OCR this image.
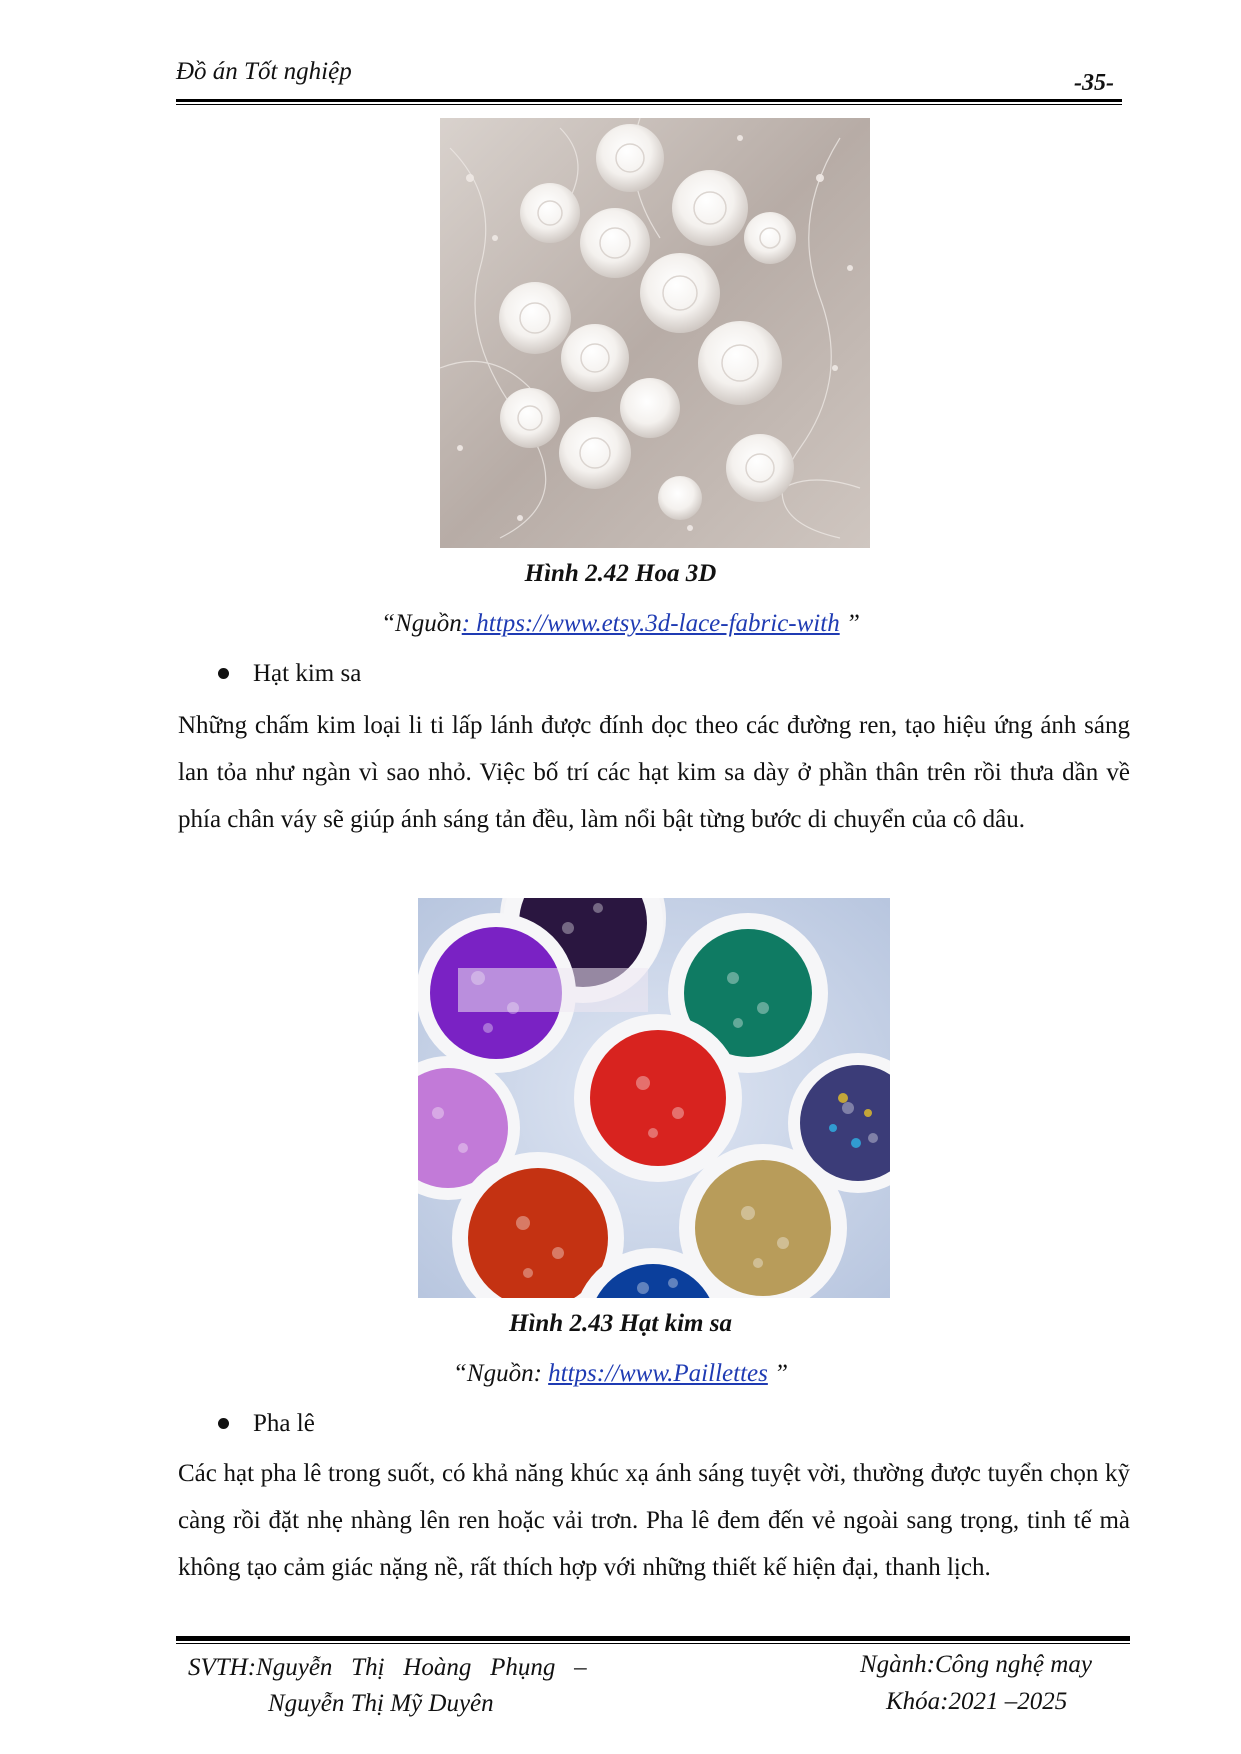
Đồ án Tốt nghiệp	-35-
Hình 2.42 Hoa 3D
“Nguồn: https://www.etsy.3d-lace-fabric-with ”
Hạt kim sa
Những chấm kim loại li ti lấp lánh được đính dọc theo các đường ren, tạo hiệu ứng ánh sáng lan tỏa như ngàn vì sao nhỏ. Việc bố trí các hạt kim sa dày ở phần thân trên rồi thưa dần về phía chân váy sẽ giúp ánh sáng tản đều, làm nổi bật từng bước di chuyển của cô dâu.
Hình 2.43 Hạt kim sa
“Nguồn: https://www.Paillettes ”
Pha lê
Các hạt pha lê trong suốt, có khả năng khúc xạ ánh sáng tuyệt vời, thường được tuyển chọn kỹ càng rồi đặt nhẹ nhàng lên ren hoặc vải trơn. Pha lê đem đến vẻ ngoài sang trọng, tinh tế mà không tạo cảm giác nặng nề, rất thích hợp với những thiết kế hiện đại, thanh lịch.
SVTH:Nguyễn   Thị   Hoàng   Phụng   –
Nguyễn Thị Mỹ Duyên
Ngành:Công nghệ may
Khóa:2021 –2025
